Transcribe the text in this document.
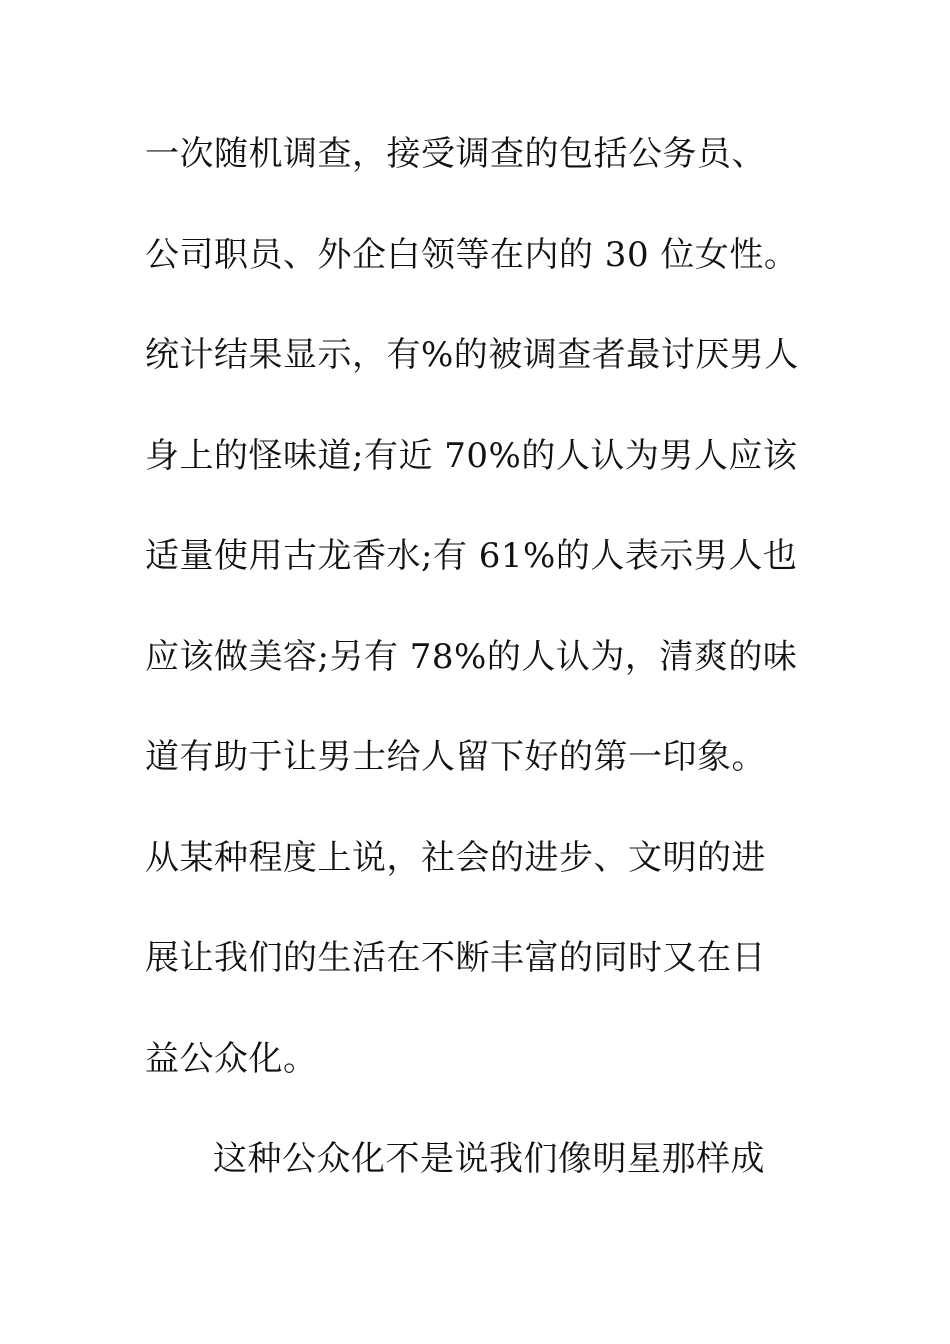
一次随机调查，接受调查的包括公务员、
公司职员、外企白领等在内的 30 位女性。
统计结果显示，有%的被调查者最讨厌男人
身上的怪味道;有近 70%的人认为男人应该
适量使用古龙香水;有 61%的人表示男人也
应该做美容;另有 78%的人认为，清爽的味
道有助于让男士给人留下好的第一印象。
从某种程度上说，社会的进步、文明的进
展让我们的生活在不断丰富的同时又在日
益公众化。
这种公众化不是说我们像明星那样成
